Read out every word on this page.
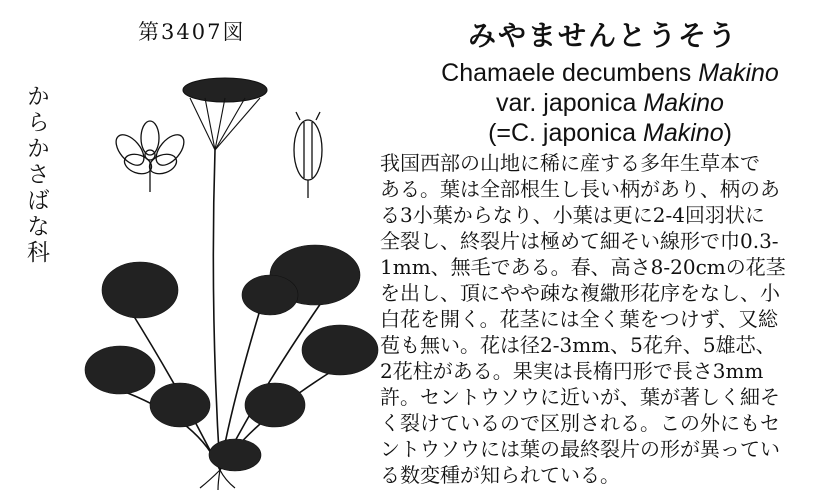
第3407図
からかさばな科
みやませんとうそう
Chamaele decumbens Makino
var. japonica Makino
(=C. japonica Makino)

我国西部の山地に稀に産する多年生草本で
ある。葉は全部根生し長い柄があり、柄のあ
る3小葉からなり、小葉は更に2-4回羽状に
全裂し、終裂片は極めて細そい線形で巾0.3-
1mm、無毛である。春、高さ8-20cmの花茎
を出し、頂にやや疎な複繖形花序をなし、小
白花を開く。花茎には全く葉をつけず、又総
苞も無い。花は径2-3mm、5花弁、5雄芯、
2花柱がある。果実は長楕円形で長さ3mm
許。セントウソウに近いが、葉が著しく細そ
く裂けているので区別される。この外にもセ
ントウソウには葉の最終裂片の形が異ってい
る数変種が知られている。
